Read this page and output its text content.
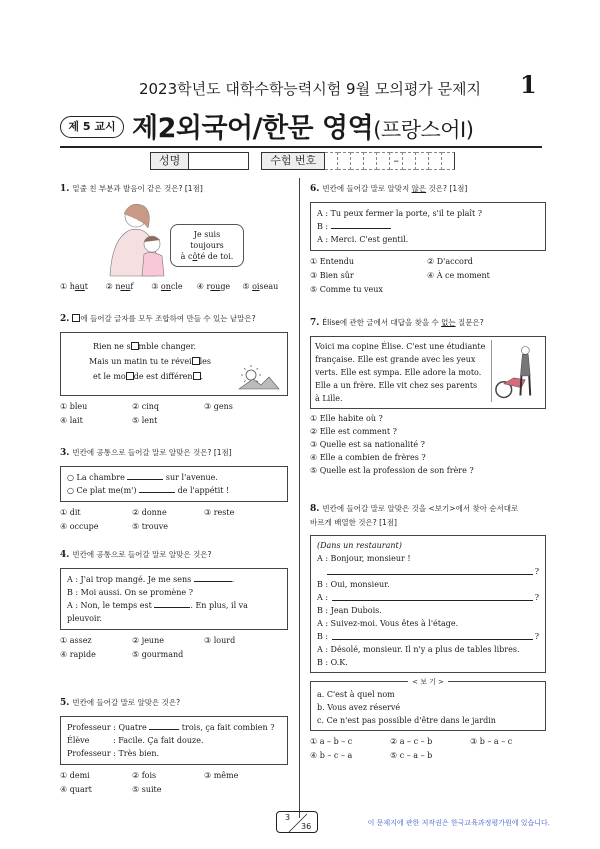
2023학년도 대학수학능력시험 9월 모의평가 문제지	1
제 5 교시 제2외국어/한문 영역(프랑스어Ⅰ)
성명	수험 번호	–
1. 밑줄 친 부분과 발음이 같은 것은? [1점]
Je suis toujours
à côté de toi.
① haut	② neuf	③ oncle	④ rouge	⑤ oiseau
2. 에 들어갈 글자를 모두 조합하여 만들 수 있는 낱말은?
Rien ne s mble changer.
Mais un matin tu te révei les
et le mo de est différen .
① bleu	② cinq	③ gens
④ lait	⑤ lent
3. 빈칸에 공통으로 들어갈 말로 알맞은 것은? [1점]
○ La chambre	sur l'avenue.
○ Ce plat me(m')	de l'appétit !
① dit	② donne	③ reste
④ occupe	⑤ trouve
4. 빈칸에 공통으로 들어갈 말로 알맞은 것은?
A : J'ai trop mangé. Je me sens	.
B : Moi aussi. On se promène ?
A : Non, le temps est	. En plus, il va pleuvoir.
① assez	② jeune	③ lourd
④ rapide	⑤ gourmand
5. 빈칸에 들어갈 말로 알맞은 것은?
Professeur : Quatre	trois, ça fait combien ?
Élève	: Facile. Ça fait douze.
Professeur : Très bien.
① demi	② fois	③ même
④ quart	⑤ suite
6. 빈칸에 들어갈 말로 알맞지 않은 것은? [1점]
A : Tu peux fermer la porte, s'il te plaît ?
B :
A : Merci. C'est gentil.
① Entendu	② D'accord
③ Bien sûr	④ À ce moment
⑤ Comme tu veux
7. Élise에 관한 글에서 대답을 찾을 수 없는 질문은?
Voici ma copine Élise. C'est une étudiante
française. Elle est grande avec les yeux
verts. Elle est sympa. Elle adore la moto.
Elle a un frère. Elle vit chez ses parents
à Lille.
① Elle habite où ?
② Elle est comment ?
③ Quelle est sa nationalité ?
④ Elle a combien de frères ?
⑤ Quelle est la profession de son frère ?
8. 빈칸에 들어갈 말로 알맞은 것을 <보기>에서 찾아 순서대로
바르게 배열한 것은? [1점]
(Dans un restaurant)
A : Bonjour, monsieur !
?
B : Oui, monsieur.
A :	?
B : Jean Dubois.
A : Suivez-moi. Vous êtes à l'étage.
B :	?
A : Désolé, monsieur. Il n'y a plus de tables libres.
B : O.K.
< 보 기 >
a. C'est à quel nom
b. Vous avez réservé
c. Ce n'est pas possible d'être dans le jardin
① a – b – c	② a – c – b	③ b – a – c
④ b – c – a	⑤ c – a – b
3
36	이 문제지에 관한 저작권은 한국교육과정평가원에 있습니다.
